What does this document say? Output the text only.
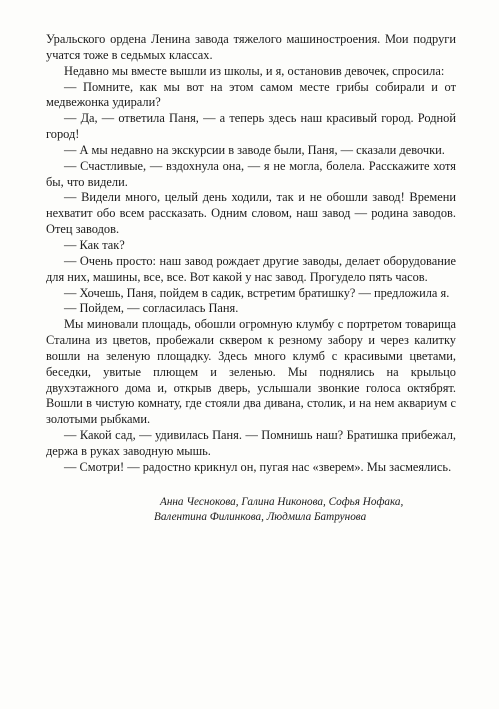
Уральского ордена Ленина завода тяжелого машиностроения. Мои подруги учатся тоже в седьмых классах.

Недавно мы вместе вышли из школы, и я, остановив девочек, спросила:

— Помните, как мы вот на этом самом месте грибы собирали и от медвежонка удирали?

— Да, — ответила Паня, — а теперь здесь наш красивый город. Родной город!

— А мы недавно на экскурсии в заводе были, Паня, — сказали девочки.

— Счастливые, — вздохнула она, — я не могла, болела. Расскажите хотя бы, что видели.

— Видели много, целый день ходили, так и не обошли завод! Времени нехватит обо всем рассказать. Одним словом, наш завод — родина заводов. Отец заводов.

— Как так?

— Очень просто: наш завод рождает другие заводы, делает оборудование для них, машины, все, все. Вот какой у нас завод. Прогудело пять часов.

— Хочешь, Паня, пойдем в садик, встретим братишку? — предложила я.

— Пойдем, — согласилась Паня.

Мы миновали площадь, обошли огромную клумбу с портретом товарища Сталина из цветов, пробежали сквером к резному забору и через калитку вошли на зеленую площадку. Здесь много клумб с красивыми цветами, беседки, увитые плющем и зеленью. Мы поднялись на крыльцо двухэтажного дома и, открыв дверь, услышали звонкие голоса октябрят. Вошли в чистую комнату, где стояли два дивана, столик, и на нем аквариум с золотыми рыбками.

— Какой сад, — удивилась Паня. — Помнишь наш? Братишка прибежал, держа в руках заводную мышь.

— Смотри! — радостно крикнул он, пугая нас «зверем». Мы засмеялись.

Анна Чеснокова, Галина Никонова, Софья Нофака,

Валентина Филинкова, Людмила Батрунова
